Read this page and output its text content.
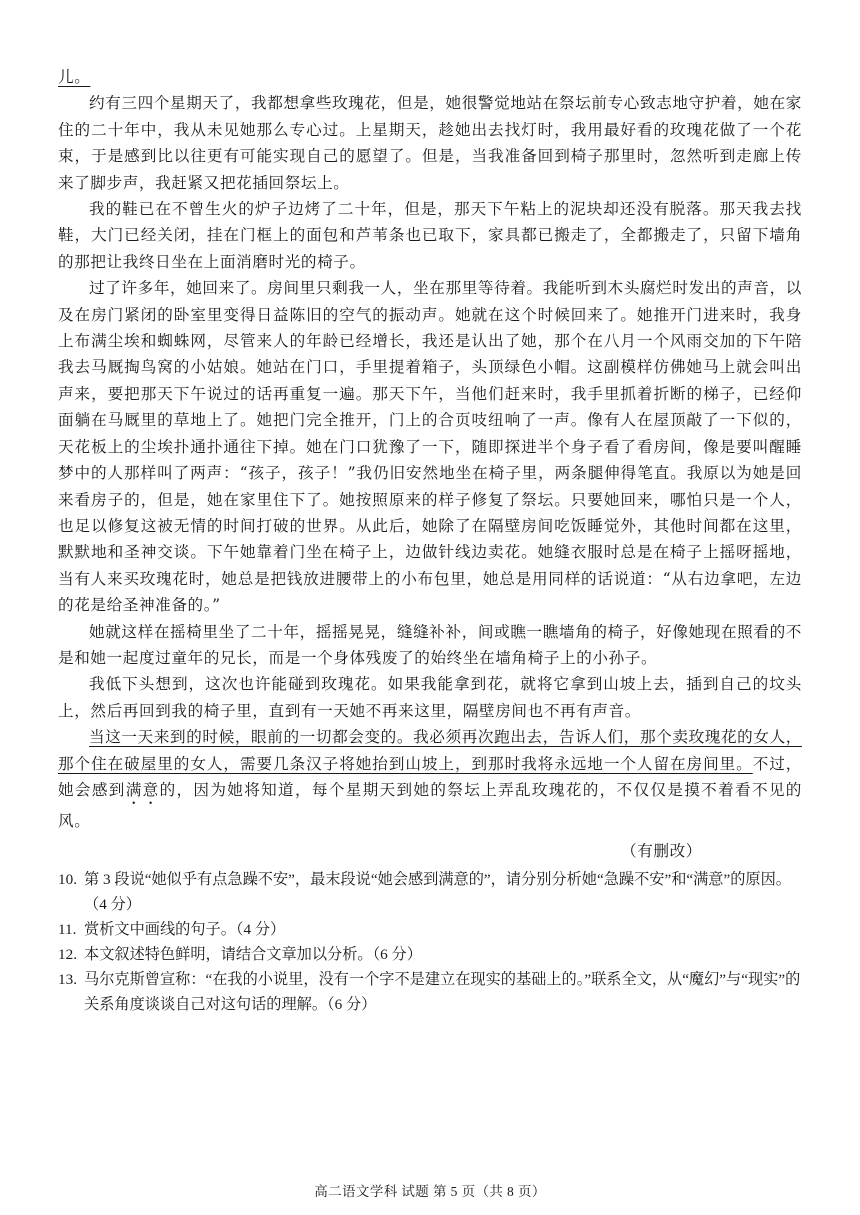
儿。

约有三四个星期天了，我都想拿些玫瑰花，但是，她很警觉地站在祭坛前专心致志地守护着，她在家住的二十年中，我从未见她那么专心过。上星期天，趁她出去找灯时，我用最好看的玫瑰花做了一个花束，于是感到比以往更有可能实现自己的愿望了。但是，当我准备回到椅子那里时，忽然听到走廊上传来了脚步声，我赶紧又把花插回祭坛上。

我的鞋已在不曾生火的炉子边烤了二十年，但是，那天下午粘上的泥块却还没有脱落。那天我去找鞋，大门已经关闭，挂在门框上的面包和芦苇条也已取下，家具都已搬走了，全都搬走了，只留下墙角的那把让我终日坐在上面消磨时光的椅子。

过了许多年，她回来了。房间里只剩我一人，坐在那里等待着。我能听到木头腐烂时发出的声音，以及在房门紧闭的卧室里变得日益陈旧的空气的振动声。她就在这个时候回来了。她推开门进来时，我身上布满尘埃和蜘蛛网，尽管来人的年龄已经增长，我还是认出了她，那个在八月一个风雨交加的下午陪我去马厩掏鸟窝的小姑娘。她站在门口，手里提着箱子，头顶绿色小帽。这副模样仿佛她马上就会叫出声来，要把那天下午说过的话再重复一遍。那天下午，当他们赶来时，我手里抓着折断的梯子，已经仰面躺在马厩里的草地上了。她把门完全推开，门上的合页吱纽响了一声。像有人在屋顶敲了一下似的，天花板上的尘埃扑通扑通往下掉。她在门口犹豫了一下，随即探进半个身子看了看房间，像是要叫醒睡梦中的人那样叫了两声：“孩子，孩子！”我仍旧安然地坐在椅子里，两条腿伸得笔直。我原以为她是回来看房子的，但是，她在家里住下了。她按照原来的样子修复了祭坛。只要她回来，哪怕只是一个人，也足以修复这被无情的时间打破的世界。从此后，她除了在隔壁房间吃饭睡觉外，其他时间都在这里，默默地和圣神交谈。下午她靠着门坐在椅子上，边做针线边卖花。她缝衣服时总是在椅子上摇呀摇地，当有人来买玫瑰花时，她总是把钱放进腰带上的小布包里，她总是用同样的话说道：“从右边拿吧，左边的花是给圣神准备的。”

她就这样在摇椅里坐了二十年，摇摇晃晃，缝缝补补，间或瞧一瞧墙角的椅子，好像她现在照看的不是和她一起度过童年的兄长，而是一个身体残废了的始终坐在墙角椅子上的小孙子。

我低下头想到，这次也许能碰到玫瑰花。如果我能拿到花，就将它拿到山坡上去，插到自己的坟头上，然后再回到我的椅子里，直到有一天她不再来这里，隔壁房间也不再有声音。

当这一天来到的时候，眼前的一切都会变的。我必须再次跑出去，告诉人们，那个卖玫瑰花的女人，那个住在破屋里的女人，需要几条汉子将她抬到山坡上，到那时我将永远地一个人留在房间里。不过，她会感到满意的，因为她将知道，每个星期天到她的祭坛上弄乱玫瑰花的，不仅仅是摸不着看不见的风。

（有删改）

10. 第 3 段说“她似乎有点急躁不安”，最末段说“她会感到满意的”，请分别分析她“急躁不安”和“满意”的原因。（4 分）
11. 赏析文中画线的句子。（4 分）
12. 本文叙述特色鲜明，请结合文章加以分析。（6 分）
13. 马尔克斯曾宣称：“在我的小说里，没有一个字不是建立在现实的基础上的。”联系全文，从“魔幻”与“现实”的关系角度谈谈自己对这句话的理解。（6 分）
高二语文学科 试题 第 5 页（共 8 页）
